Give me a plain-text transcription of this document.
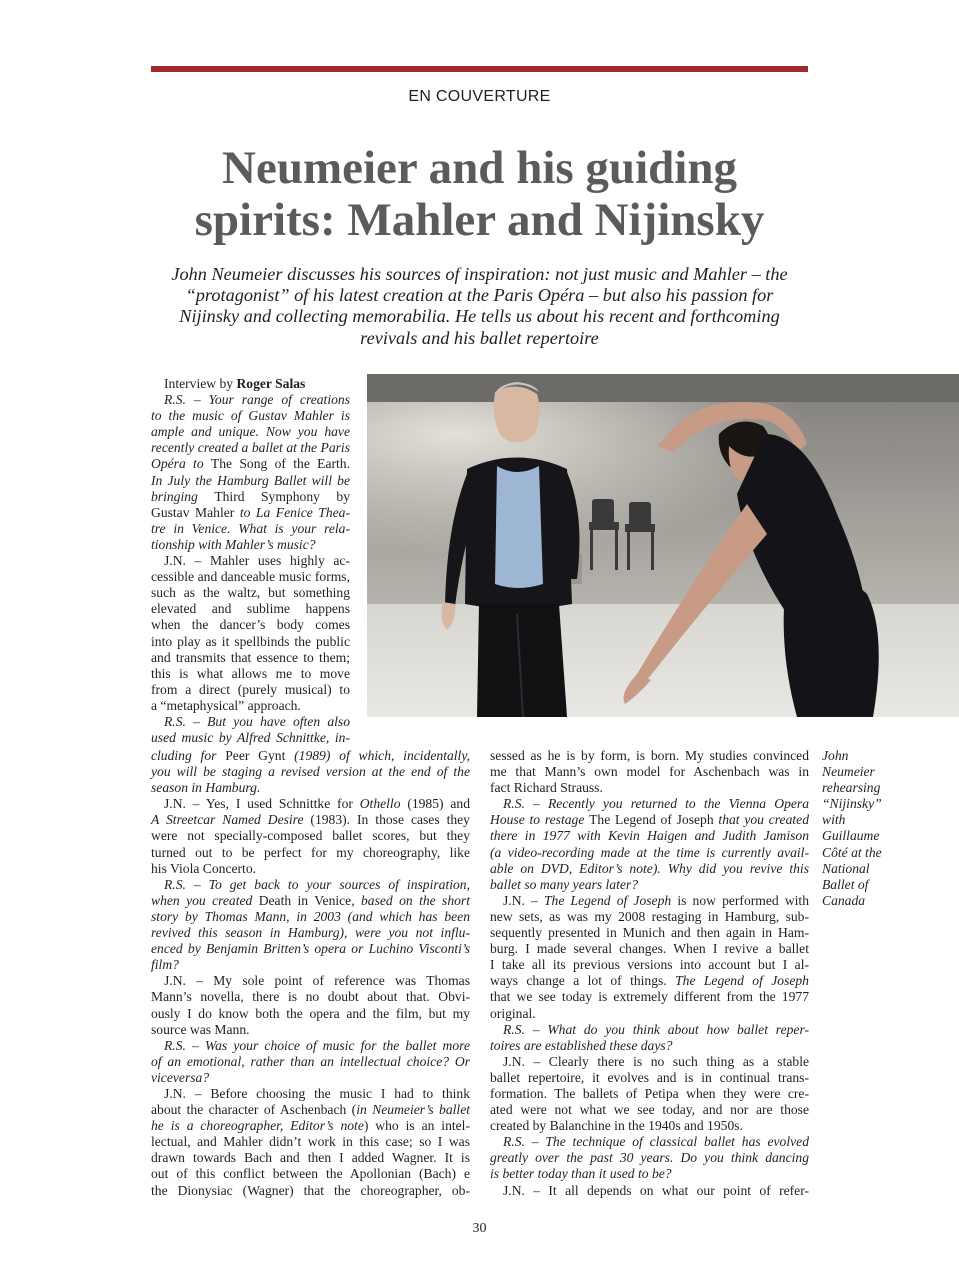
EN COUVERTURE
Neumeier and his guiding
spirits: Mahler and Nijinsky
John Neumeier discusses his sources of inspiration: not just music and Mahler – the
“protagonist” of his latest creation at the Paris Opéra – but also his passion for
Nijinsky and collecting memorabilia. He tells us about his recent and forthcoming
revivals and his ballet repertoire
Interview by Roger Salas
R.S. – Your range of creations
to the music of Gustav Mahler is
ample and unique. Now you have
recently created a ballet at the Paris
Opéra to The Song of the Earth.
In July the Hamburg Ballet will be
bringing Third Symphony by
Gustav Mahler to La Fenice Thea-
tre in Venice. What is your rela-
tionship with Mahler’s music?
J.N. – Mahler uses highly ac-
cessible and danceable music forms,
such as the waltz, but something
elevated and sublime happens
when the dancer’s body comes
into play as it spellbinds the public
and transmits that essence to them;
this is what allows me to move
from a direct (purely musical) to
a “metaphysical” approach.
R.S. – But you have often also
used music by Alfred Schnittke, in-
cluding for Peer Gynt (1989) of which, incidentally,
you will be staging a revised version at the end of the
season in Hamburg.
J.N. – Yes, I used Schnittke for Othello (1985) and
A Streetcar Named Desire (1983). In those cases they
were not specially-composed ballet scores, but they
turned out to be perfect for my choreography, like
his Viola Concerto.
R.S. – To get back to your sources of inspiration,
when you created Death in Venice, based on the short
story by Thomas Mann, in 2003 (and which has been
revived this season in Hamburg), were you not influ-
enced by Benjamin Britten’s opera or Luchino Visconti’s
film?
J.N. – My sole point of reference was Thomas
Mann’s novella, there is no doubt about that. Obvi-
ously I do know both the opera and the film, but my
source was Mann.
R.S. – Was your choice of music for the ballet more
of an emotional, rather than an intellectual choice? Or
viceversa?
J.N. – Before choosing the music I had to think
about the character of Aschenbach (in Neumeier’s ballet
he is a choreographer, Editor’s note) who is an intel-
lectual, and Mahler didn’t work in this case; so I was
drawn towards Bach and then I added Wagner. It is
out of this conflict between the Apollonian (Bach) e
the Dionysiac (Wagner) that the choreographer, ob-
sessed as he is by form, is born. My studies convinced
me that Mann’s own model for Aschenbach was in
fact Richard Strauss.
R.S. – Recently you returned to the Vienna Opera
House to restage The Legend of Joseph that you created
there in 1977 with Kevin Haigen and Judith Jamison
(a video-recording made at the time is currently avail-
able on DVD, Editor’s note). Why did you revive this
ballet so many years later?
J.N. – The Legend of Joseph is now performed with
new sets, as was my 2008 restaging in Hamburg, sub-
sequently presented in Munich and then again in Ham-
burg. I made several changes. When I revive a ballet
I take all its previous versions into account but I al-
ways change a lot of things. The Legend of Joseph
that we see today is extremely different from the 1977
original.
R.S. – What do you think about how ballet reper-
toires are established these days?
J.N. – Clearly there is no such thing as a stable
ballet repertoire, it evolves and is in continual trans-
formation. The ballets of Petipa when they were cre-
ated were not what we see today, and nor are those
created by Balanchine in the 1940s and 1950s.
R.S. – The technique of classical ballet has evolved
greatly over the past 30 years. Do you think dancing
is better today than it used to be?
J.N. – It all depends on what our point of refer-
John
Neumeier
rehearsing
“Nijinsky”
with
Guillaume
Côté at the
National
Ballet of
Canada
30
